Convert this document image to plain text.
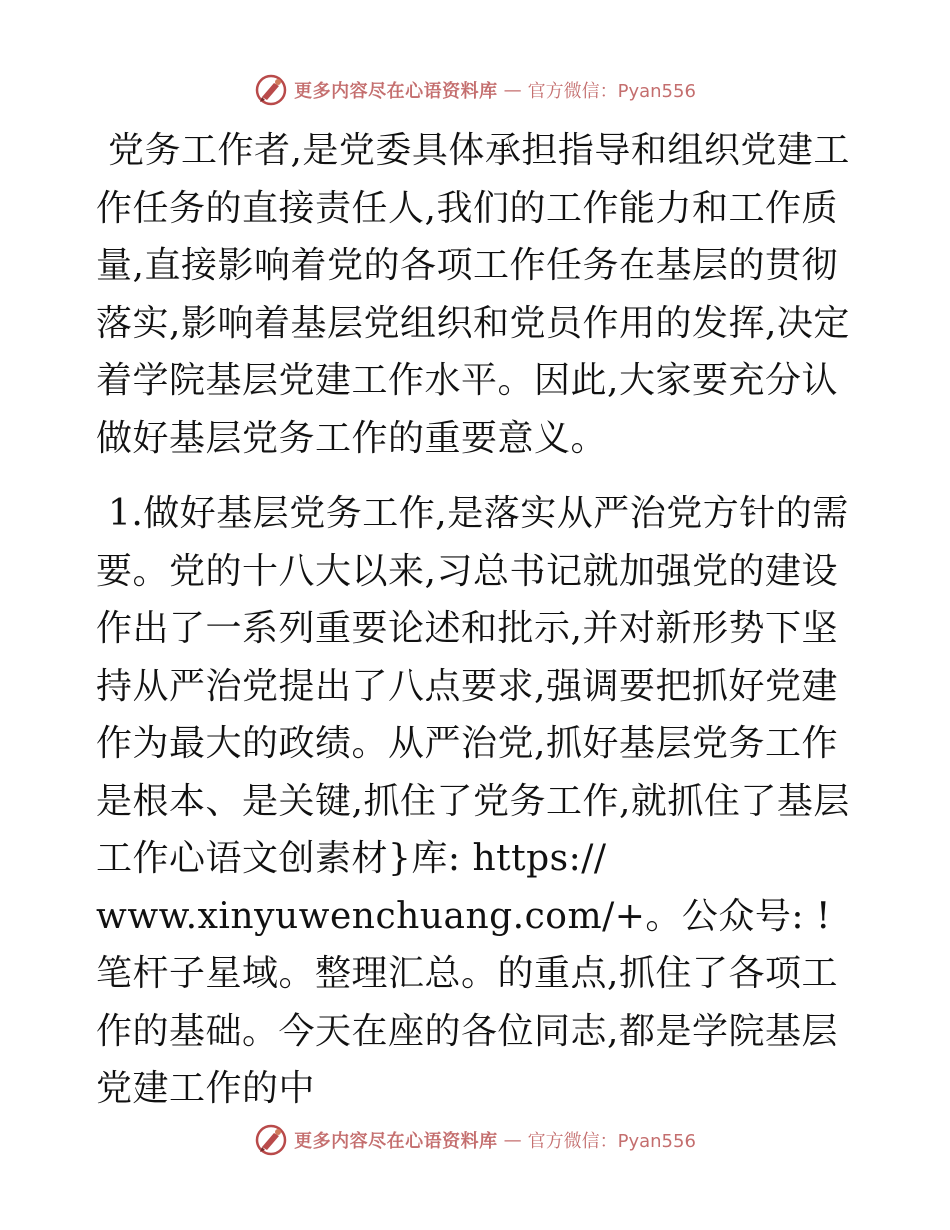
更多内容尽在心语资料库 — 官方微信：Pyan556

党务工作者,是党委具体承担指导和组织党建工作任务的直接责任人,我们的工作能力和工作质量,直接影响着党的各项工作任务在基层的贯彻落实,影响着基层党组织和党员作用的发挥,决定着学院基层党建工作水平。因此,大家要充分认做好基层党务工作的重要意义。

1.做好基层党务工作,是落实从严治党方针的需要。党的十八大以来,习总书记就加强党的建设作出了一系列重要论述和批示,并对新形势下坚持从严治党提出了八点要求,强调要把抓好党建作为最大的政绩。从严治党,抓好基层党务工作是根本、是关键,抓住了党务工作,就抓住了基层工作心语文创素材}库: https://
www.xinyuwenchuang.com/+。公众号: ! 笔杆子星域。整理汇总。的重点,抓住了各项工作的基础。今天在座的各位同志,都是学院基层党建工作的中

更多内容尽在心语资料库 — 官方微信：Pyan556
